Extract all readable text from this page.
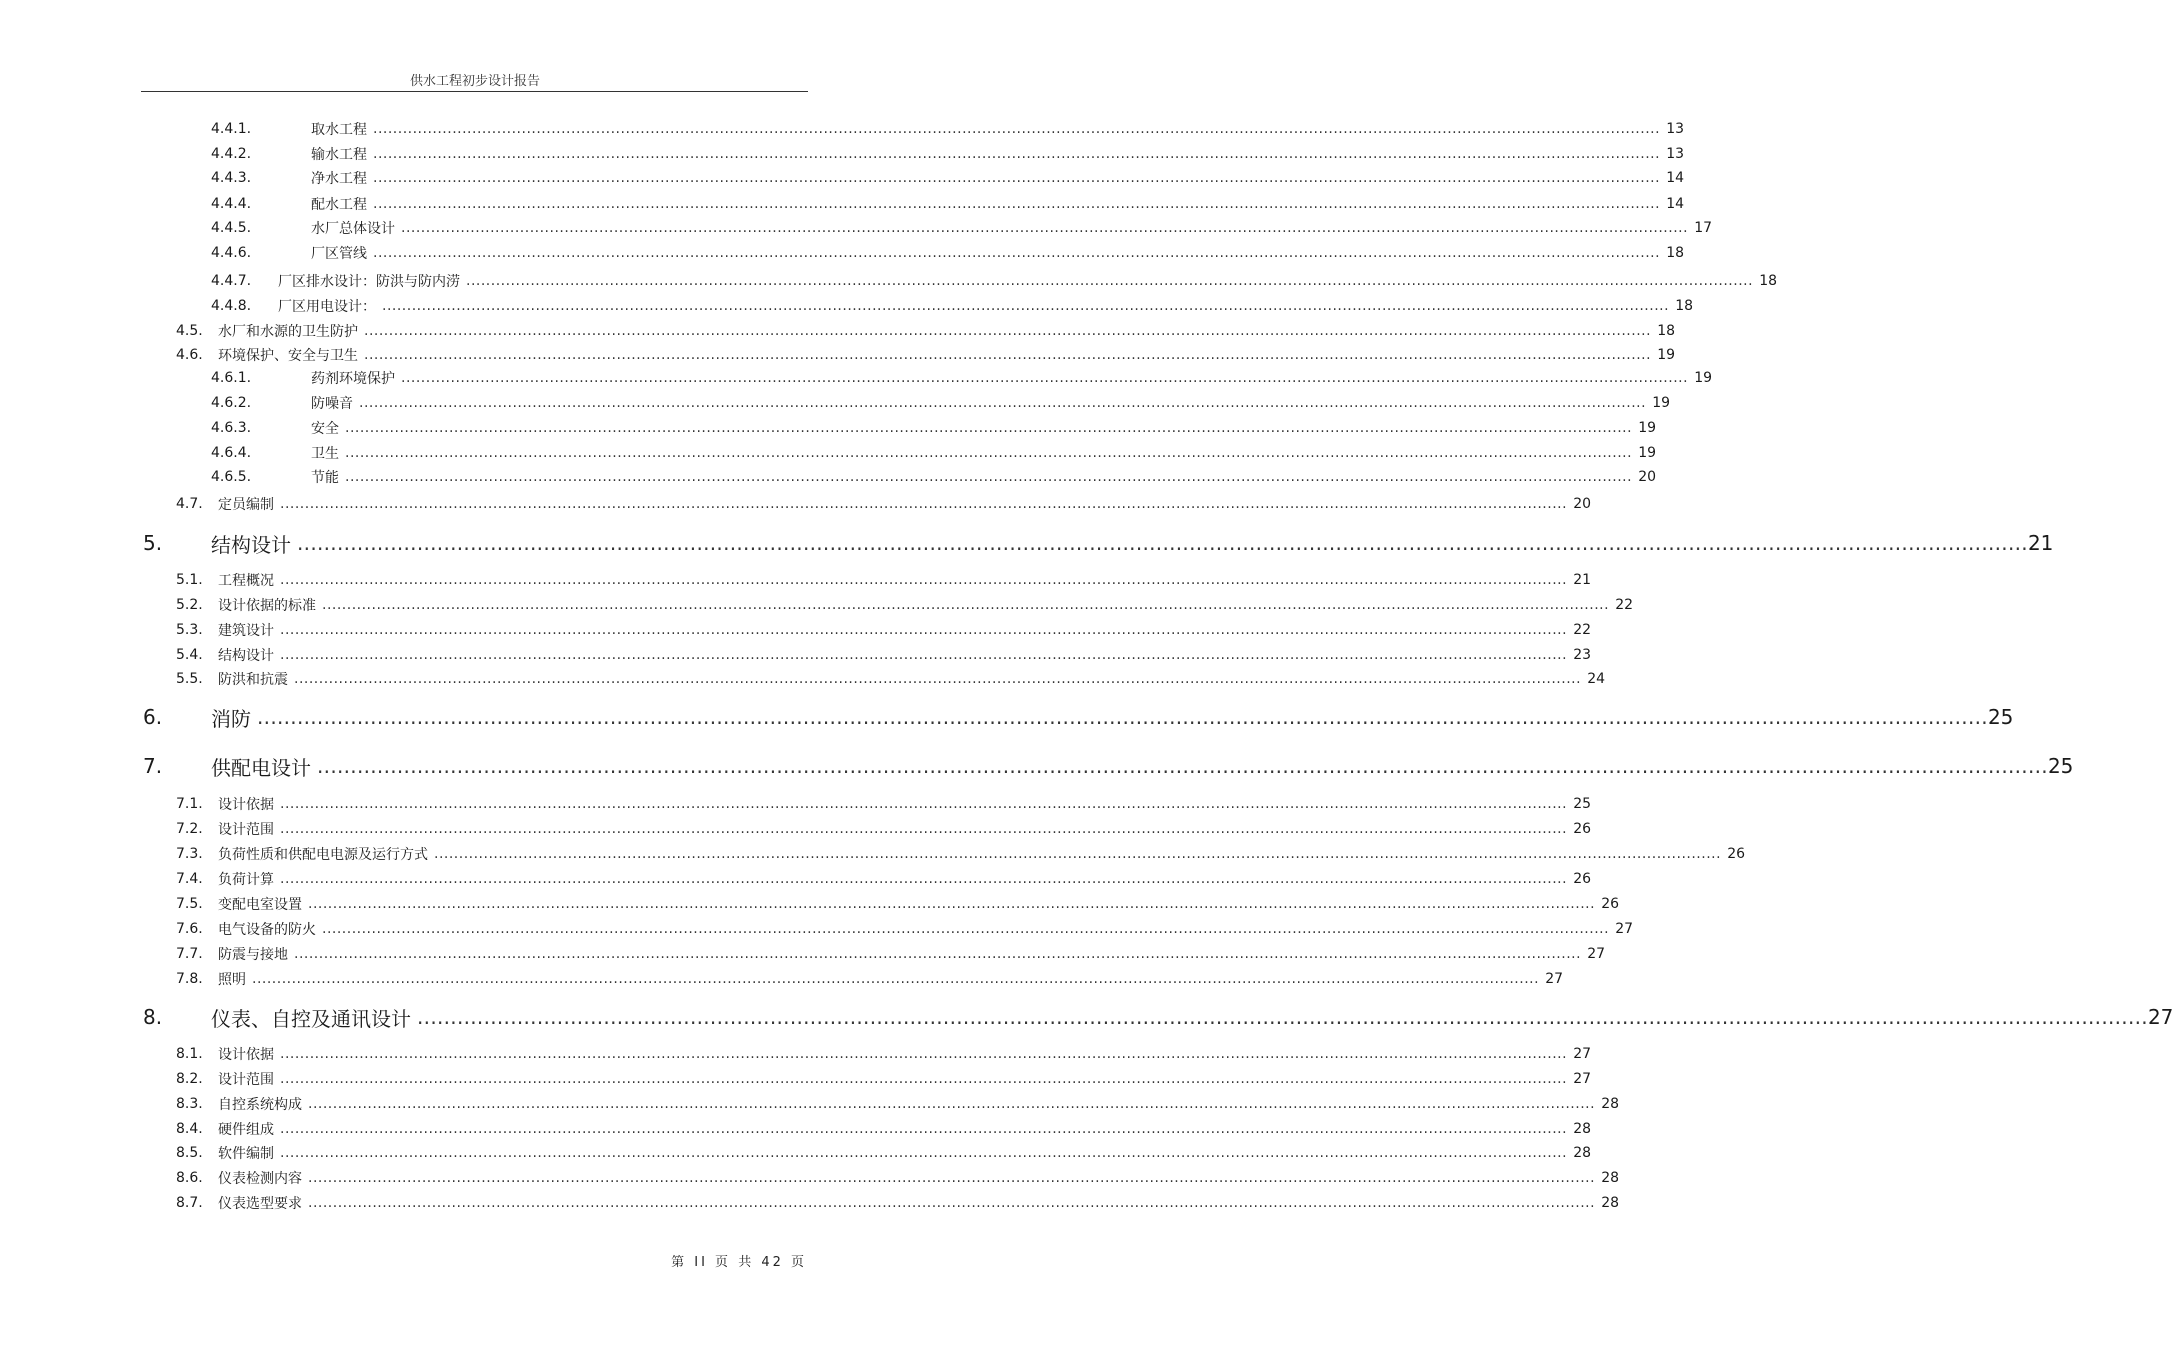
供水工程初步设计报告
4.4.1.	取水工程 .................................................................................................................................................................................................................................................................... 13
4.4.2.	输水工程 .................................................................................................................................................................................................................................................................... 13
4.4.3.	净水工程 .................................................................................................................................................................................................................................................................... 14
4.4.4.	配水工程 .................................................................................................................................................................................................................................................................... 14
4.4.5.	水厂总体设计 .................................................................................................................................................................................................................................................................... 17
4.4.6.	厂区管线 .................................................................................................................................................................................................................................................................... 18
4.4.7.	厂区排水设计：防洪与防内涝 .................................................................................................................................................................................................................................................................... 18
4.4.8.	厂区用电设计： .................................................................................................................................................................................................................................................................... 18
4.5.	水厂和水源的卫生防护 .................................................................................................................................................................................................................................................................... 18
4.6.	环境保护、安全与卫生 .................................................................................................................................................................................................................................................................... 19
4.6.1.	药剂环境保护 .................................................................................................................................................................................................................................................................... 19
4.6.2.	防噪音 .................................................................................................................................................................................................................................................................... 19
4.6.3.	安全 .................................................................................................................................................................................................................................................................... 19
4.6.4.	卫生 .................................................................................................................................................................................................................................................................... 19
4.6.5.	节能 .................................................................................................................................................................................................................................................................... 20
4.7.	定员编制 .................................................................................................................................................................................................................................................................... 20
5.	结构设计 .................................................................................................................................................................................................................................................................... 21
5.1.	工程概况 .................................................................................................................................................................................................................................................................... 21
5.2.	设计依据的标准 .................................................................................................................................................................................................................................................................... 22
5.3.	建筑设计 .................................................................................................................................................................................................................................................................... 22
5.4.	结构设计 .................................................................................................................................................................................................................................................................... 23
5.5.	防洪和抗震 .................................................................................................................................................................................................................................................................... 24
6.	消防 .................................................................................................................................................................................................................................................................... 25
7.	供配电设计 .................................................................................................................................................................................................................................................................... 25
7.1.	设计依据 .................................................................................................................................................................................................................................................................... 25
7.2.	设计范围 .................................................................................................................................................................................................................................................................... 26
7.3.	负荷性质和供配电电源及运行方式 .................................................................................................................................................................................................................................................................... 26
7.4.	负荷计算 .................................................................................................................................................................................................................................................................... 26
7.5.	变配电室设置 .................................................................................................................................................................................................................................................................... 26
7.6.	电气设备的防火 .................................................................................................................................................................................................................................................................... 27
7.7.	防震与接地 .................................................................................................................................................................................................................................................................... 27
7.8.	照明 .................................................................................................................................................................................................................................................................... 27
8.	仪表、自控及通讯设计 .................................................................................................................................................................................................................................................................... 27
8.1.	设计依据 .................................................................................................................................................................................................................................................................... 27
8.2.	设计范围 .................................................................................................................................................................................................................................................................... 27
8.3.	自控系统构成 .................................................................................................................................................................................................................................................................... 28
8.4.	硬件组成 .................................................................................................................................................................................................................................................................... 28
8.5.	软件编制 .................................................................................................................................................................................................................................................................... 28
8.6.	仪表检测内容 .................................................................................................................................................................................................................................................................... 28
8.7.	仪表选型要求 .................................................................................................................................................................................................................................................................... 28
第 II 页 共 42 页
